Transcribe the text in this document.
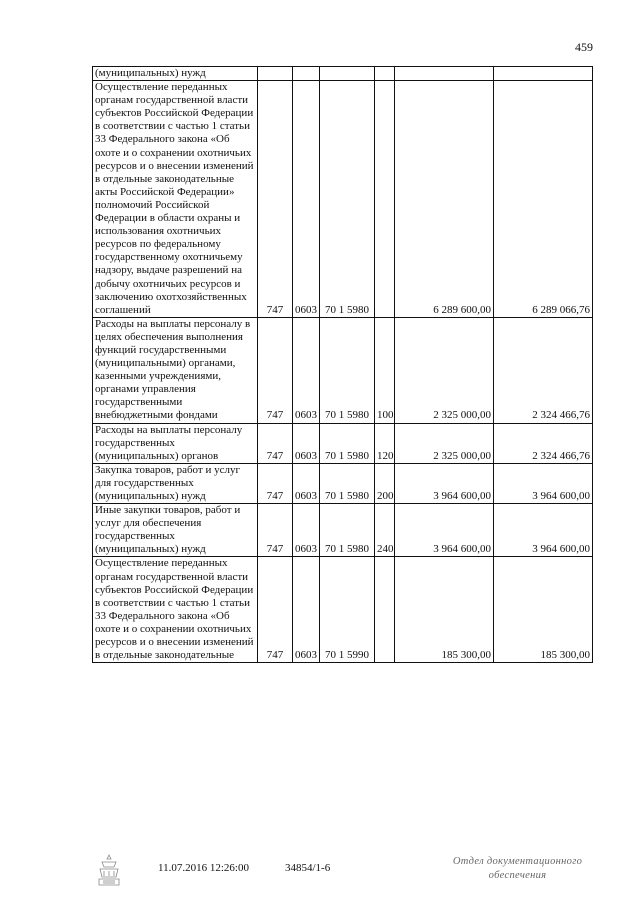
459
(муниципальных) нужд						
Осуществление переданных органам государственной власти субъектов Российской Федерации в соответствии с частью 1 статьи 33 Федерального закона «Об охоте и о сохранении охотничьих ресурсов и о внесении изменений в отдельные законодательные акты Российской Федерации» полномочий Российской Федерации в области охраны и использования охотничьих ресурсов по федеральному государственному охотничьему надзору, выдаче разрешений на добычу охотничьих ресурсов и заключению охотхозяйственных соглашений	747	0603	70 1 5980		6 289 600,00	6 289 066,76
Расходы на выплаты персоналу в целях обеспечения выполнения функций государственными (муниципальными) органами, казенными учреждениями, органами управления государственными внебюджетными фондами	747	0603	70 1 5980	100	2 325 000,00	2 324 466,76
Расходы на выплаты персоналу государственных (муниципальных) органов	747	0603	70 1 5980	120	2 325 000,00	2 324 466,76
Закупка товаров, работ и услуг для государственных (муниципальных) нужд	747	0603	70 1 5980	200	3 964 600,00	3 964 600,00
Иные закупки товаров, работ и услуг для обеспечения государственных (муниципальных) нужд	747	0603	70 1 5980	240	3 964 600,00	3 964 600,00
Осуществление переданных органам государственной власти субъектов Российской Федерации в соответствии с частью 1 статьи 33 Федерального закона «Об охоте и о сохранении охотничьих ресурсов и о внесении изменений в отдельные законодательные	747	0603	70 1 5990		185 300,00	185 300,00
11.07.2016 12:26:00	34854/1-6
Отдел документационного
обеспечения
